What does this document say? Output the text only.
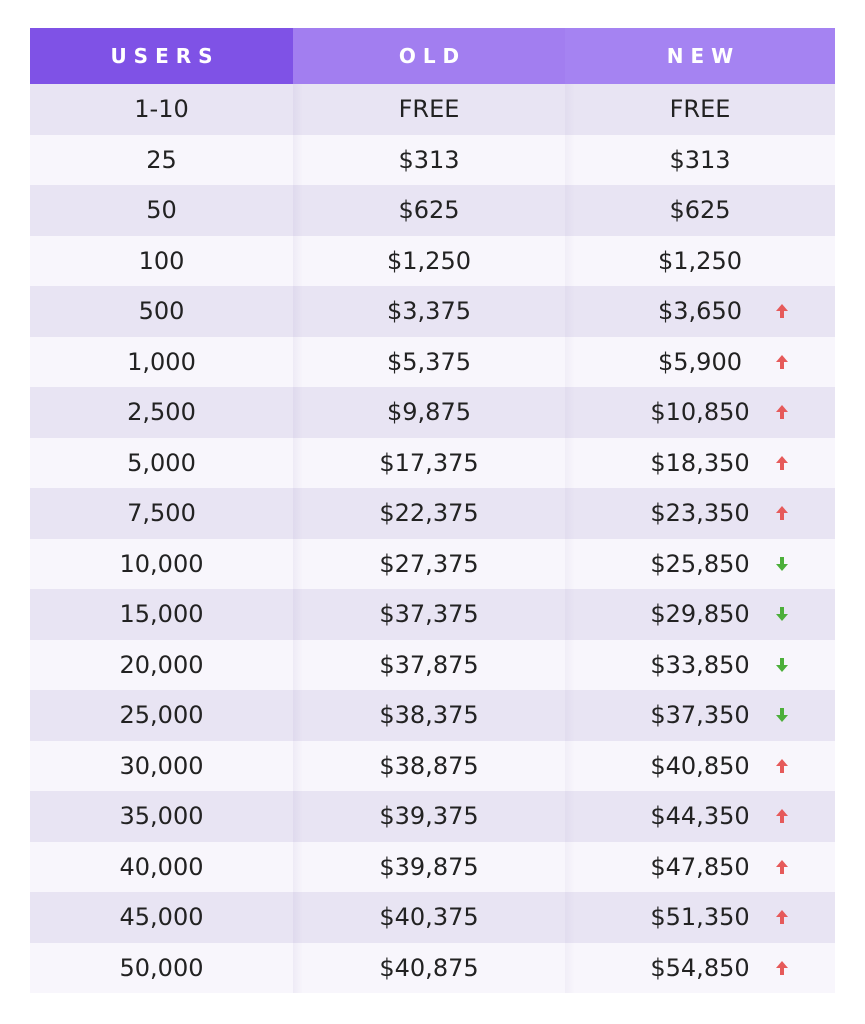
USERS	OLD	NEW
1-10	FREE	FREE
25	$313	$313
50	$625	$625
100	$1,250	$1,250
500	$3,375	$3,650
1,000	$5,375	$5,900
2,500	$9,875	$10,850
5,000	$17,375	$18,350
7,500	$22,375	$23,350
10,000	$27,375	$25,850
15,000	$37,375	$29,850
20,000	$37,875	$33,850
25,000	$38,375	$37,350
30,000	$38,875	$40,850
35,000	$39,375	$44,350
40,000	$39,875	$47,850
45,000	$40,375	$51,350
50,000	$40,875	$54,850
